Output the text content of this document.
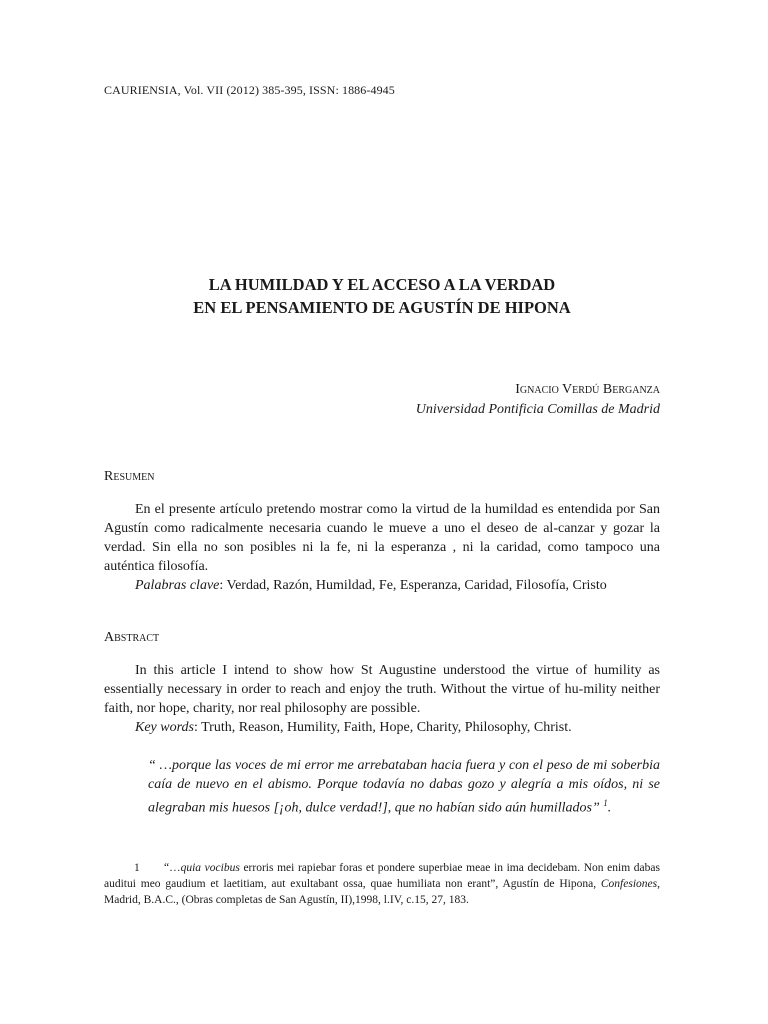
CAURIENSIA, Vol. VII (2012) 385-395, ISSN: 1886-4945
LA HUMILDAD Y EL ACCESO A LA VERDAD
EN EL PENSAMIENTO DE AGUSTÍN DE HIPONA
Ignacio Verdú Berganza
Universidad Pontificia Comillas de Madrid
Resumen

En el presente artículo pretendo mostrar como la virtud de la humildad es entendida por San Agustín como radicalmente necesaria cuando le mueve a uno el deseo de al-canzar y gozar la verdad. Sin ella no son posibles ni la fe, ni la esperanza , ni la caridad, como tampoco una auténtica filosofía.

Palabras clave: Verdad, Razón, Humildad, Fe, Esperanza, Caridad, Filosofía, Cristo
Abstract

In this article I intend to show how St Augustine understood the virtue of humility as essentially necessary in order to reach and enjoy the truth. Without the virtue of hu-mility neither faith, nor hope, charity, nor real philosophy are possible.

Key words: Truth, Reason, Humility, Faith, Hope, Charity, Philosophy, Christ.
“ …porque las voces de mi error me arrebataban hacia fuera y con el peso de mi soberbia caía de nuevo en el abismo. Porque todavía no dabas gozo y alegría a mis oídos, ni se alegraban mis huesos [¡oh, dulce verdad!], que no habían sido aún humillados” $^1$.
1 “…quia vocibus erroris mei rapiebar foras et pondere superbiae meae in ima decidebam. Non enim dabas auditui meo gaudium et laetitiam, aut exultabant ossa, quae humiliata non erant”, Agustín de Hipona, Confesiones, Madrid, B.A.C., (Obras completas de San Agustín, II),1998, l.IV, c.15, 27, 183.
